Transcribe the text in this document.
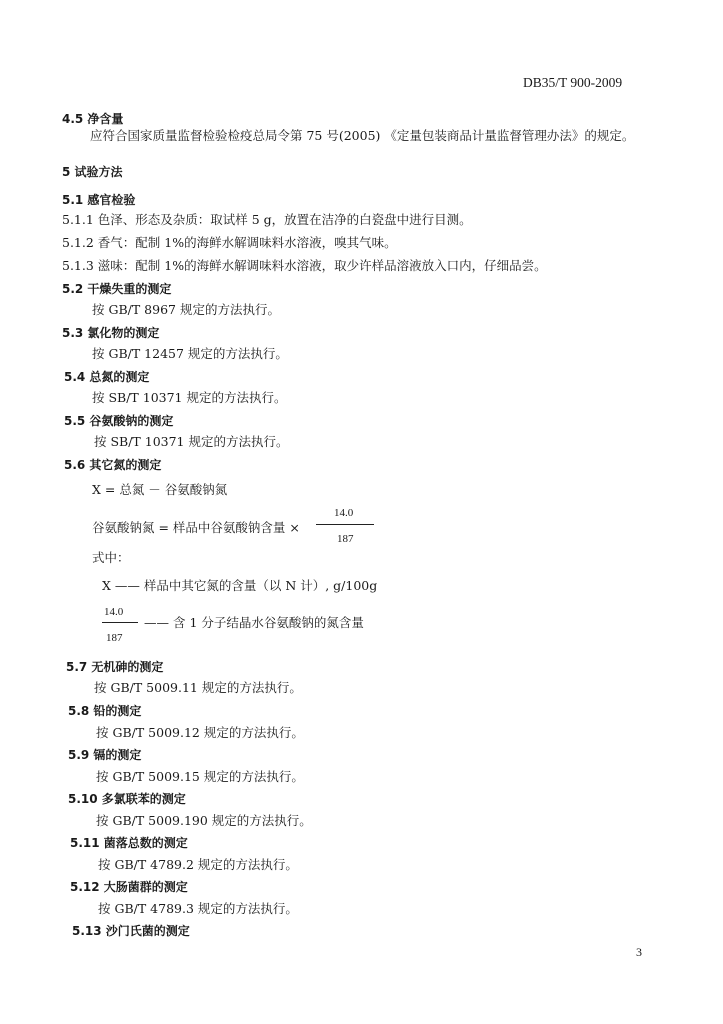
DB35/T 900-2009
4.5 净含量
应符合国家质量监督检验检疫总局令第 75 号(2005) 《定量包装商品计量监督管理办法》的规定。
5 试验方法
5.1 感官检验
5.1.1 色泽、形态及杂质：取试样 5 g，放置在洁净的白瓷盘中进行目测。
5.1.2 香气：配制 1%的海鲜水解调味料水溶液，嗅其气味。
5.1.3 滋味：配制 1%的海鲜水解调味料水溶液，取少许样品溶液放入口内，仔细品尝。
5.2 干燥失重的测定
按 GB/T 8967 规定的方法执行。
5.3 氯化物的测定
按 GB/T 12457 规定的方法执行。
5.4 总氮的测定
按 SB/T 10371 规定的方法执行。
5.5 谷氨酸钠的测定
按 SB/T 10371 规定的方法执行。
5.6 其它氮的测定
X = 总氮 － 谷氨酸钠氮
谷氨酸钠氮 = 样品中谷氨酸钠含量 ×
14.0
187
式中：
X —— 样品中其它氮的含量（以 N 计）, g/100g
14.0
187
—— 含 1 分子结晶水谷氨酸钠的氮含量
5.7 无机砷的测定
按 GB/T 5009.11 规定的方法执行。
5.8 铅的测定
按 GB/T 5009.12 规定的方法执行。
5.9 镉的测定
按 GB/T 5009.15 规定的方法执行。
5.10 多氯联苯的测定
按 GB/T 5009.190 规定的方法执行。
5.11 菌落总数的测定
按 GB/T 4789.2 规定的方法执行。
5.12 大肠菌群的测定
按 GB/T 4789.3 规定的方法执行。
5.13 沙门氏菌的测定
3
